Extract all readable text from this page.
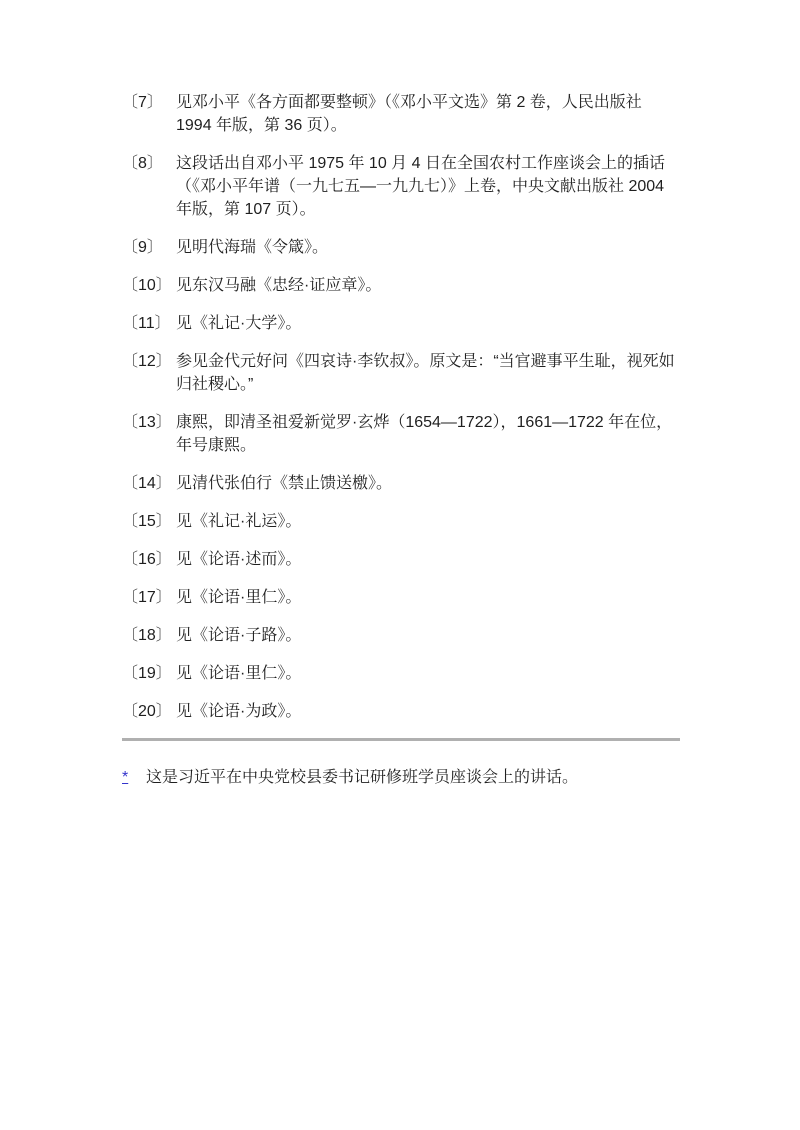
〔7〕 见邓小平《各方面都要整顿》（《邓小平文选》第 2 卷，人民出版社 1994 年版，第 36 页）。
〔8〕 这段话出自邓小平 1975 年 10 月 4 日在全国农村工作座谈会上的插话（《邓小平年谱（一九七五—一九九七）》上卷，中央文献出版社 2004 年版，第 107 页）。
〔9〕 见明代海瑞《令箴》。
〔10〕 见东汉马融《忠经·证应章》。
〔11〕 见《礼记·大学》。
〔12〕 参见金代元好问《四哀诗·李钦叔》。原文是：“当官避事平生耻，视死如归社稷心。”
〔13〕 康熙，即清圣祖爱新觉罗·玄烨（1654—1722），1661—1722 年在位，年号康熙。
〔14〕 见清代张伯行《禁止馈送檄》。
〔15〕 见《礼记·礼运》。
〔16〕 见《论语·述而》。
〔17〕 见《论语·里仁》。
〔18〕 见《论语·子路》。
〔19〕 见《论语·里仁》。
〔20〕 见《论语·为政》。
*	这是习近平在中央党校县委书记研修班学员座谈会上的讲话。
